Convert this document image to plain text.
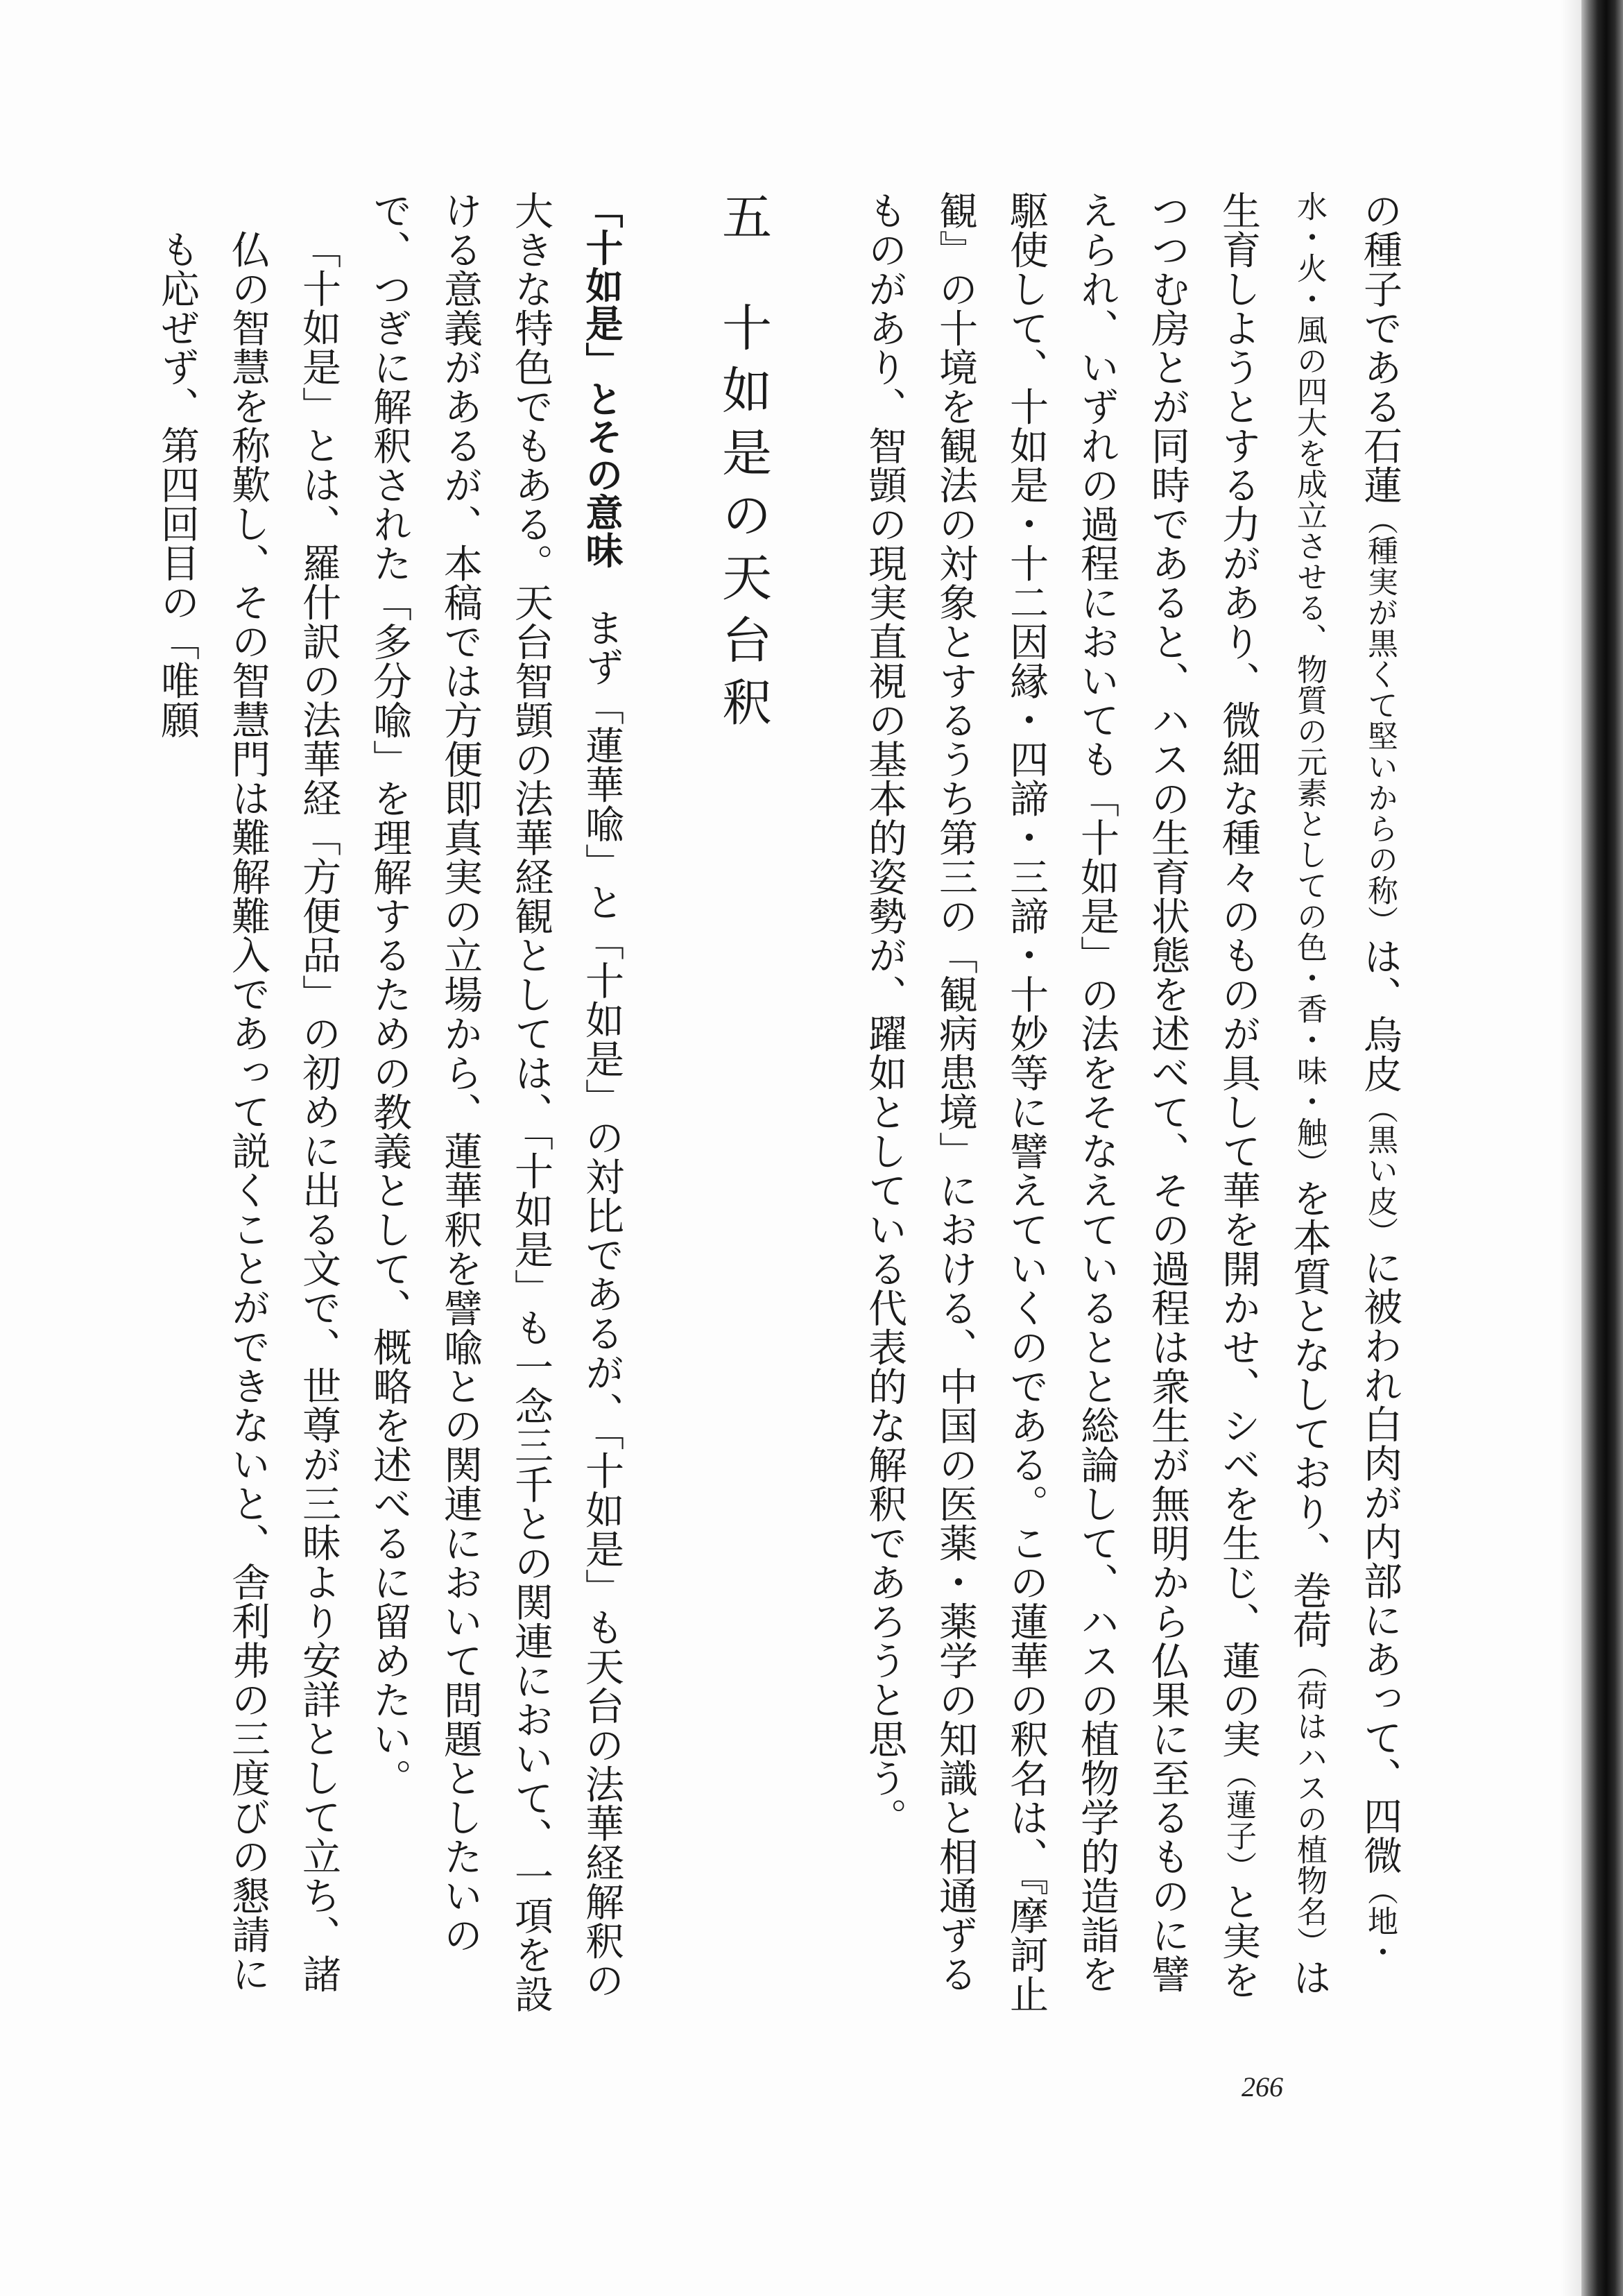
の種子である石蓮（種実が黒くて堅いからの称）は、烏皮（黒い皮）に被われ白肉が内部にあって、四微（地・水・火・風の四大を成立させる、物質の元素としての色・香・味・触）を本質となしており、巻荷（荷はハスの植物名）は生育しようとする力があり、微細な種々のものが具して華を開かせ、シベを生じ、蓮の実（蓮子）と実をつつむ房とが同時であると、ハスの生育状態を述べて、その過程は衆生が無明から仏果に至るものに譬えられ、いずれの過程においても「十如是」の法をそなえているとと総論して、ハスの植物学的造詣を駆使して、十如是・十二因縁・四諦・三諦・十妙等に譬えていくのである。この蓮華の釈名は、『摩訶止観』の十境を観法の対象とするうち第三の「観病患境」における、中国の医薬・薬学の知識と相通ずるものがあり、智顗の現実直視の基本的姿勢が、躍如としている代表的な解釈であろうと思う。

五十如是の天台釈

「十如是」とその意味　まず「蓮華喩」と「十如是」の対比であるが、「十如是」も天台の法華経解釈の大きな特色でもある。天台智顗の法華経観としては、「十如是」も一念三千との関連において、一項を設ける意義があるが、本稿では方便即真実の立場から、蓮華釈を譬喩との関連において問題としたいので、つぎに解釈された「多分喩」を理解するための教義として、概略を述べるに留めたい。

「十如是」とは、羅什訳の法華経「方便品」の初めに出る文で、世尊が三昧より安詳として立ち、諸仏の智慧を称歎し、その智慧門は難解難入であって説くことができないと、舎利弗の三度びの懇請にも応ぜず、第四回目の「唯願

266
